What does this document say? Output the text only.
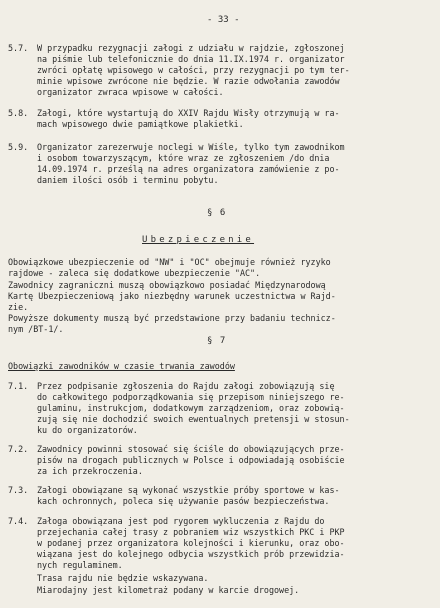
- 33 -
5.7. W przypadku rezygnacji załogi z udziału w rajdzie, zgłoszonej
na piśmie lub telefonicznie do dnia 11.IX.1974 r. organizator
zwróci opłatę wpisowego w całości, przy rezygnacji po tym ter-
minie wpisowe zwrócone nie będzie. W razie odwołania zawodów
organizator zwraca wpisowe w całości.
5.8. Załogi, które wystartują do XXIV Rajdu Wisły otrzymują w ra-
mach wpisowego dwie pamiątkowe plakietki.
5.9. Organizator zarezerwuje noclegi w Wiśle, tylko tym zawodnikom
i osobom towarzyszącym, które wraz ze zgłoszeniem /do dnia
14.09.1974 r. prześlą na adres organizatora zamówienie z po-
daniem ilości osób i terminu pobytu.
§ 6
Ubezpieczenie
Obowiązkowe ubezpieczenie od "NW" i "OC" obejmuje również ryzyko
rajdowe - zaleca się dodatkowe ubezpieczenie "AC".
Zawodnicy zagraniczni muszą obowiązkowo posiadać Międzynarodową
Kartę Ubezpieczeniową jako niezbędny warunek uczestnictwa w Rajd-
zie.
Powyższe dokumenty muszą być przedstawione przy badaniu technicz-
nym /BT-1/.
§ 7
Obowiązki zawodników w czasie trwania zawodów
7.1. Przez podpisanie zgłoszenia do Rajdu załogi zobowiązują się
do całkowitego podporządkowania się przepisom niniejszego re-
gulaminu, instrukcjom, dodatkowym zarządzeniom, oraz zobowią-
zują się nie dochodzić swoich ewentualnych pretensji w stosun-
ku do organizatorów.
7.2. Zawodnicy powinni stosować się ściśle do obowiązujących prze-
pisów na drogach publicznych w Polsce i odpowiadają osobiście
za ich przekroczenia.
7.3. Załogi obowiązane są wykonać wszystkie próby sportowe w kas-
kach ochronnych, poleca się używanie pasów bezpieczeństwa.
7.4. Załoga obowiązana jest pod rygorem wykluczenia z Rajdu do
przejechania całej trasy z pobraniem wiz wszystkich PKC i PKP
w podanej przez organizatora kolejności i kierunku, oraz obo-
wiązana jest do kolejnego odbycia wszystkich prób przewidzia-
nych regulaminem.
Trasa rajdu nie będzie wskazywana.
Miarodajny jest kilometraż podany w karcie drogowej.
